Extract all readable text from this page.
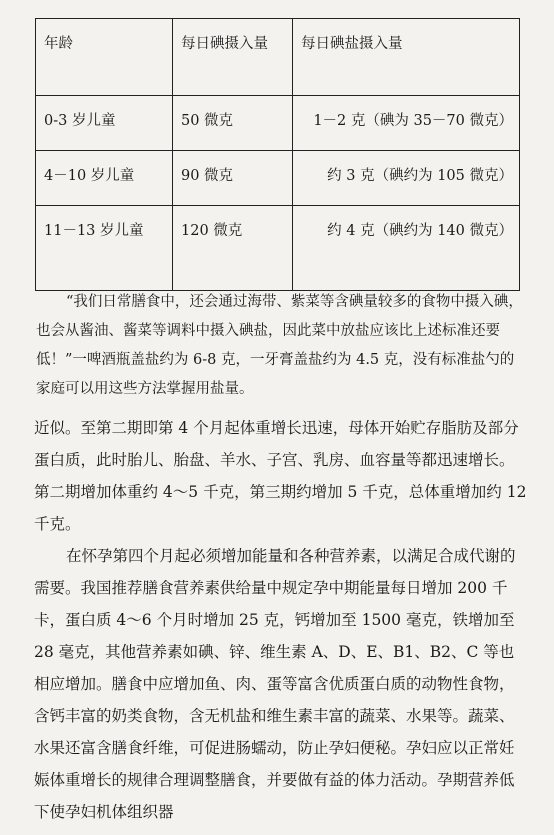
年龄	每日碘摄入量	每日碘盐摄入量
0-3 岁儿童	50 微克	1－2 克（碘为 35－70 微克）
4－10 岁儿童	90 微克	约 3 克（碘约为 105 微克）
11－13 岁儿童	120 微克	约 4 克（碘约为 140 微克）

“我们日常膳食中，还会通过海带、紫菜等含碘量较多的食物中摄入碘，也会从酱油、酱菜等调料中摄入碘盐，因此菜中放盐应该比上述标准还要低！”一啤酒瓶盖盐约为 6-8 克，一牙膏盖盐约为 4.5 克，没有标准盐勺的家庭可以用这些方法掌握用盐量。

近似。至第二期即第 4 个月起体重增长迅速，母体开始贮存脂肪及部分蛋白质，此时胎儿、胎盘、羊水、子宫、乳房、血容量等都迅速增长。第二期增加体重约 4～5 千克，第三期约增加 5 千克，总体重增加约 12 千克。

在怀孕第四个月起必须增加能量和各种营养素，以满足合成代谢的需要。我国推荐膳食营养素供给量中规定孕中期能量每日增加 200 千卡，蛋白质 4～6 个月时增加 25 克，钙增加至 1500 毫克，铁增加至 28 毫克，其他营养素如碘、锌、维生素 A、D、E、B1、B2、C 等也相应增加。膳食中应增加鱼、肉、蛋等富含优质蛋白质的动物性食物，含钙丰富的奶类食物，含无机盐和维生素丰富的蔬菜、水果等。蔬菜、水果还富含膳食纤维，可促进肠蠕动，防止孕妇便秘。孕妇应以正常妊娠体重增长的规律合理调整膳食，并要做有益的体力活动。孕期营养低下使孕妇机体组织器
